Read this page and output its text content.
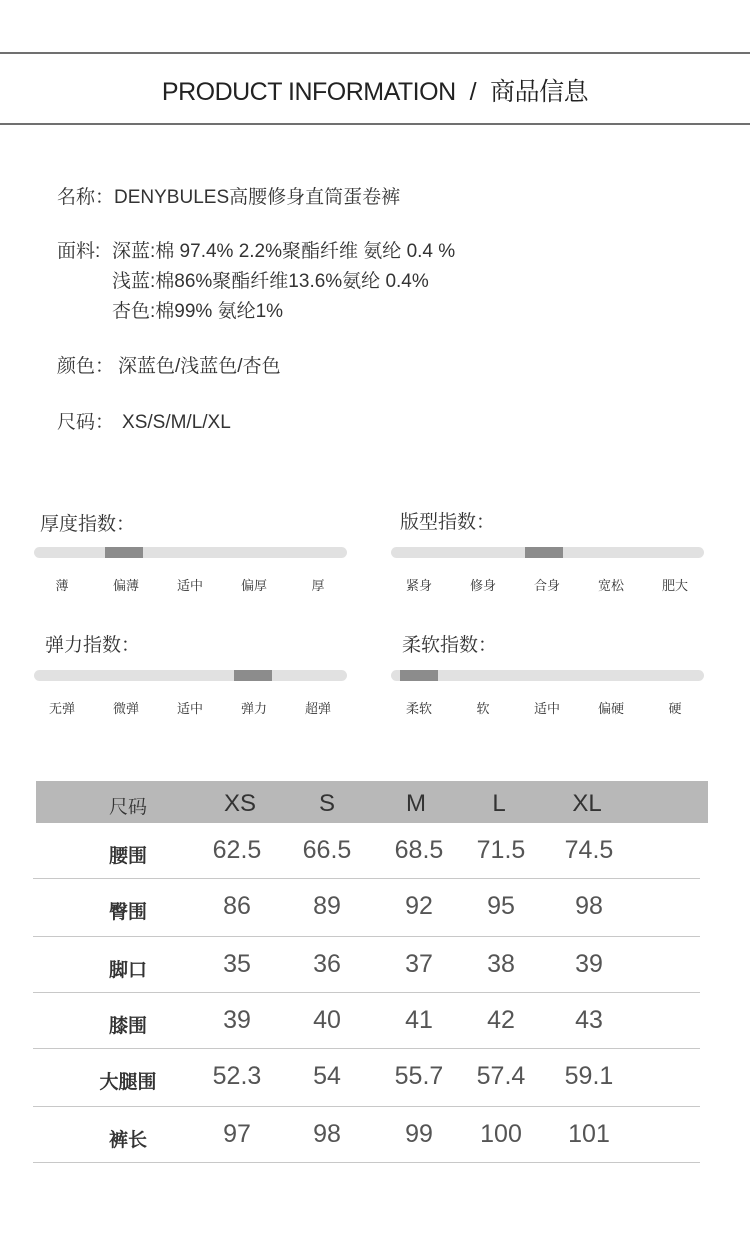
PRODUCT INFORMATION / 商品信息
名称：DENYBULES高腰修身直筒蛋卷裤
面料: 深蓝:棉 97.4% 2.2%聚酯纤维 氨纶 0.4 %
浅蓝:棉86%聚酯纤维13.6%氨纶 0.4%
杏色:棉99% 氨纶1%
颜色： 深蓝色/浅蓝色/杏色
尺码： XS/S/M/L/XL
厚度指数：
薄	偏薄	适中	偏厚	厚
版型指数：
紧身	修身	合身	宽松	肥大
弹力指数：
无弹	微弹	适中	弹力	超弹
柔软指数：
柔软	软	适中	偏硬	硬
尺码	XS	S	M	L	XL
腰围	62.5	66.5	68.5	71.5	74.5
臀围	86	89	92	95	98
脚口	35	36	37	38	39
膝围	39	40	41	42	43
大腿围	52.3	54	55.7	57.4	59.1
裤长	97	98	99	100	101
